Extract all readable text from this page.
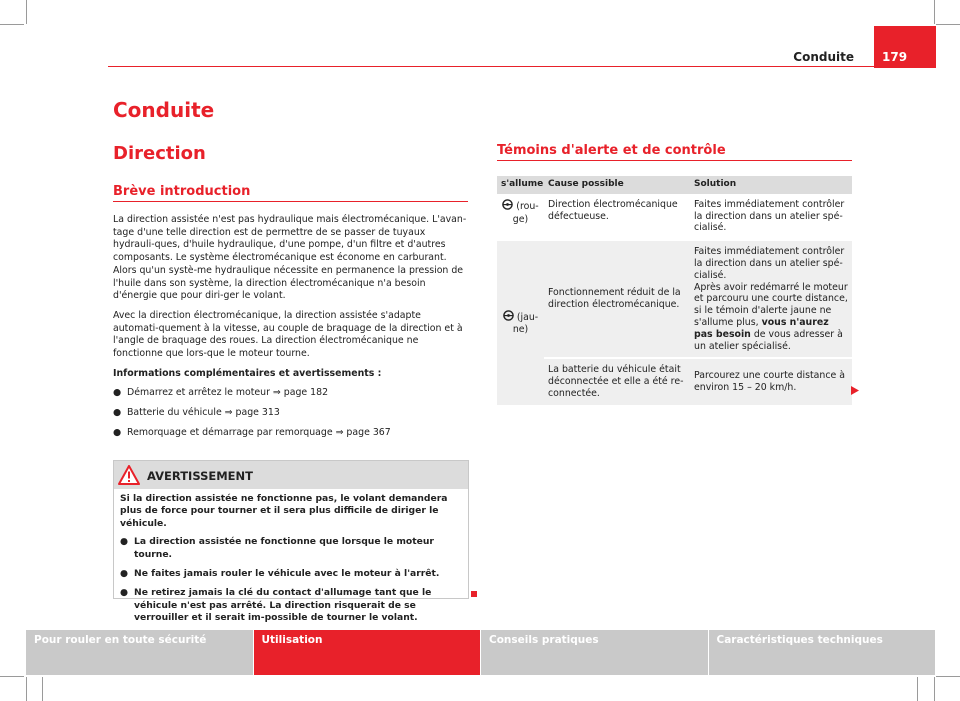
Conduite	179
Conduite
Direction
Brève introduction

La direction assistée n'est pas hydraulique mais électromécanique. L'avan-tage d'une telle direction est de permettre de se passer de tuyaux hydrauli-ques, d'huile hydraulique, d'une pompe, d'un filtre et d'autres composants. Le système électromécanique est économe en carburant. Alors qu'un systè-me hydraulique nécessite en permanence la pression de l'huile dans son système, la direction électromécanique n'a besoin d'énergie que pour diri-ger le volant.

Avec la direction électromécanique, la direction assistée s'adapte automati-quement à la vitesse, au couple de braquage de la direction et à l'angle de braquage des roues. La direction électromécanique ne fonctionne que lors-que le moteur tourne.

Informations complémentaires et avertissements :

● Démarrez et arrêtez le moteur ⇒ page 182
● Batterie du véhicule ⇒ page 313
● Remorquage et démarrage par remorquage ⇒ page 367
AVERTISSEMENT

Si la direction assistée ne fonctionne pas, le volant demandera plus de force pour tourner et il sera plus difficile de diriger le véhicule.

● La direction assistée ne fonctionne que lorsque le moteur tourne.
● Ne faites jamais rouler le véhicule avec le moteur à l'arrêt.
● Ne retirez jamais la clé du contact d'allumage tant que le véhicule n'est pas arrêté. La direction risquerait de se verrouiller et il serait im-possible de tourner le volant.
Témoins d'alerte et de contrôle
s'allume	Cause possible	Solution
(rou-ge)	Direction électromécanique défectueuse.	Faites immédiatement contrôler la direction dans un atelier spé-cialisé.
(jau-ne)	Fonctionnement réduit de la direction électromécanique.	Faites immédiatement contrôler la direction dans un atelier spé-cialisé.
Après avoir redémarré le moteur et parcouru une courte distance, si le témoin d'alerte jaune ne s'allume plus, vous n'aurez pas besoin de vous adresser à un atelier spécialisé.

	La batterie du véhicule était déconnectée et elle a été re-connectée.	Parcourez une courte distance à environ 15 – 20 km/h.
Pour rouler en toute sécurité	Utilisation	Conseils pratiques	Caractéristiques techniques
